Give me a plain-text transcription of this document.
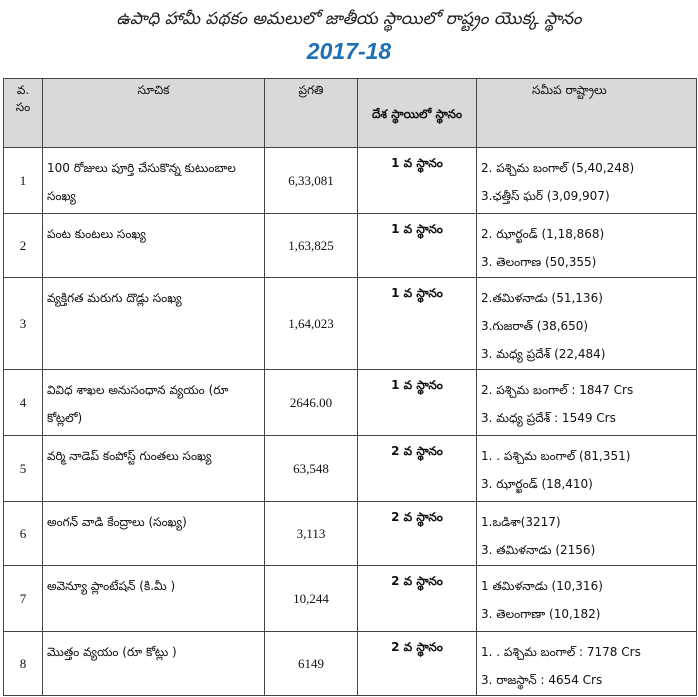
ఉపాధి హామీ పథకం అమలులో జాతీయ స్థాయిలో రాష్ట్రం యొక్క స్థానం
2017-18
వ. సం	సూచిక	ప్రగతి	దేశ స్థాయిలో స్థానం	సమీప రాష్ట్రాలు
1	100 రోజులు పూర్తి చేసుకొన్న కుటుంబాల సంఖ్య	6,33,081	1 వ స్థానం	2. పశ్చిమ బంగాల్ (5,40,248)
3.ఛత్తీస్ ఘర్ (3,09,907)

2	పంట కుంటలు సంఖ్య	1,63,825	1 వ స్థానం	2. ఝార్ఖండ్ (1,18,868)
3. తెలంగాణ (50,355)

3	వ్యక్తిగత మరుగు దొడ్లు సంఖ్య	1,64,023	1 వ స్థానం	2.తమిళనాడు (51,136)
3.గుజరాత్ (38,650)
3. మధ్య ప్రదేశ్ (22,484)

4	వివిధ శాఖల అనుసంధాన వ్యయం (రూ కోట్లలో)	2646.00	1 వ స్థానం	2. పశ్చిమ బంగాల్ : 1847 Crs
3. మధ్య ప్రదేశ్ : 1549 Crs

5	వర్మి నాడెప్ కంపోస్ట్ గుంతలు సంఖ్య	63,548	2 వ స్థానం	1. . పశ్చిమ బంగాల్ (81,351)
3. ఝార్ఖండ్ (18,410)

6	అంగన్ వాడి కేంద్రాలు (సంఖ్య)	3,113	2 వ స్థానం	1.ఒడిశా(3217)
3. తమిళనాడు (2156)

7	అవెన్యూ ప్లాంటేషన్ (కి.మీ )	10,244	2 వ స్థానం	1 తమిళనాడు (10,316)
3. తెలంగాణా (10,182)

8	మొత్తం వ్యయం (రూ కోట్లు )	6149	2 వ స్థానం	1. . పశ్చిమ బంగాల్ : 7178 Crs
3. రాజస్థాన్ : 4654 Crs
